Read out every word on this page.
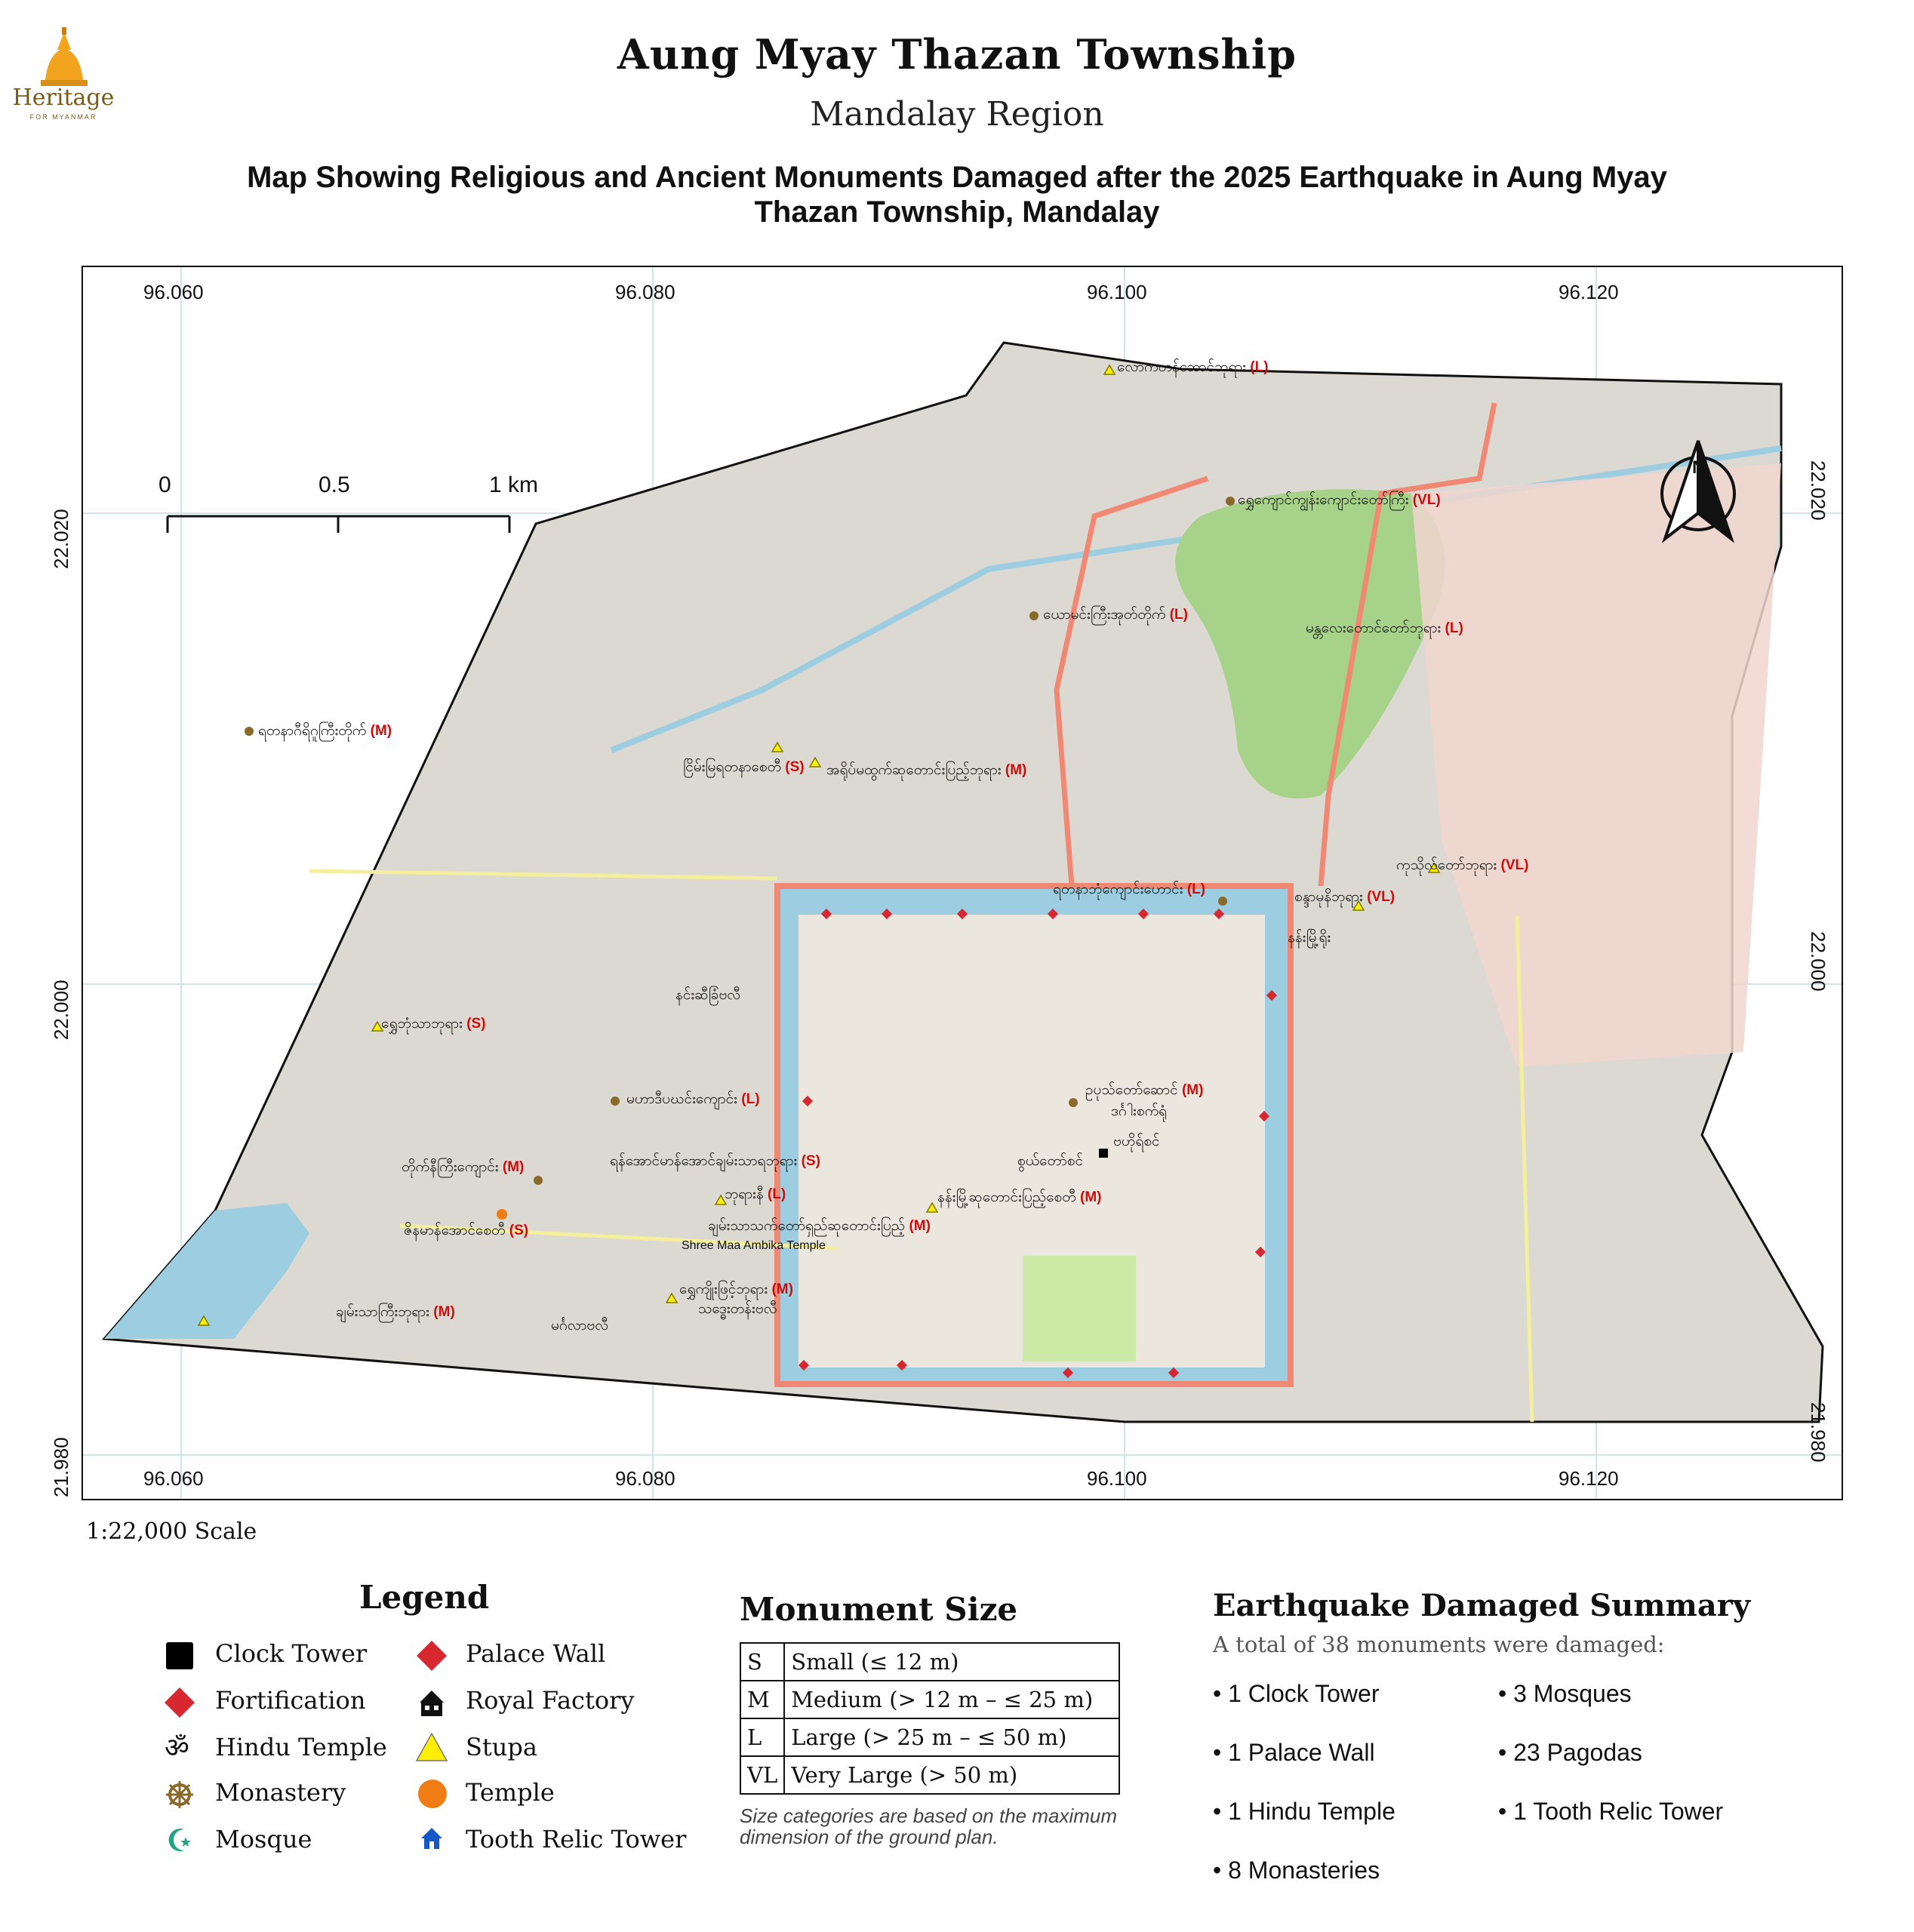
Heritage
FOR MYANMAR
Aung Myay Thazan Township
Mandalay Region
Map Showing Religious and Ancient Monuments Damaged after the 2025 Earthquake in Aung Myay Thazan Township, Mandalay
96.060	96.080	96.100	96.120
96.060	96.080	96.100	96.120
22.020
22.000
21.980
22.020
22.000
21.980
0	0.5	1 km
N
လောကတန်ဆောင်ဘုရား (L)
ရွှေကျောင်ကျွန်းကျောင်းတော်ကြီး (VL)
ယောမင်းကြီးအုတ်တိုက် (L)
မန္တလေးတောင်တော်ဘုရား (L)
ရတနာဂီရိဂူကြီးတိုက် (M)
ငြိမ်းမြရတနာစေတီ (S) အရိုပ်မထွက်ဆုတောင်းပြည့်ဘုရား (M)
ကုသိုလ်တော်ဘုရား (VL)
ရတနာဘုံကျောင်းဟောင်း (L)	စန္ဒာမုနိဘုရား (VL)
နန်းမြို့ရိုး
နင်းဆီခြံဗလီ
ရွှေဘုံသာဘုရား (S)
မဟာဒီပဃင်းကျောင်း (L)
ဥပုသ်တော်ဆောင် (M)
ဒင်္ဂါးစက်ရုံ
ဗဟိုရ်စင်
တိုက်နီကြီးကျောင်း (M)	ရန်အောင်မာန်အောင်ချမ်းသာရဘုရား (S)	စွယ်တော်စင်
ဘုရားနီ (L)	နန်းမြို့ဆုတောင်းပြည့်စေတီ (M)
ဇိနမာန်အောင်စေတီ (S)	ချမ်းသာသက်တော်ရှည်ဆုတောင်းပြည့် (M)
Shree Maa Ambika Temple
ရွှေကျိုးဖြင့်ဘုရား (M)
ချမ်းသာကြီးဘုရား (M)	သဒ္ဓေးတန်းဗလီ
မင်္ဂလာဗလီ
1:22,000 Scale
Legend
Clock Tower	Palace Wall
Fortification	Royal Factory
ॐ Hindu Temple	Stupa
Monastery	Temple
Mosque	Tooth Relic Tower
Monument Size
S	Small (≤ 12 m)
M	Medium (> 12 m – ≤ 25 m)
L	Large (> 25 m – ≤ 50 m)
VL	Very Large (> 50 m)
Size categories are based on the maximum dimension of the ground plan.
Earthquake Damaged Summary
A total of 38 monuments were damaged:
• 1 Clock Tower	• 3 Mosques
• 1 Palace Wall	• 23 Pagodas
• 1 Hindu Temple	• 1 Tooth Relic Tower
• 8 Monasteries
